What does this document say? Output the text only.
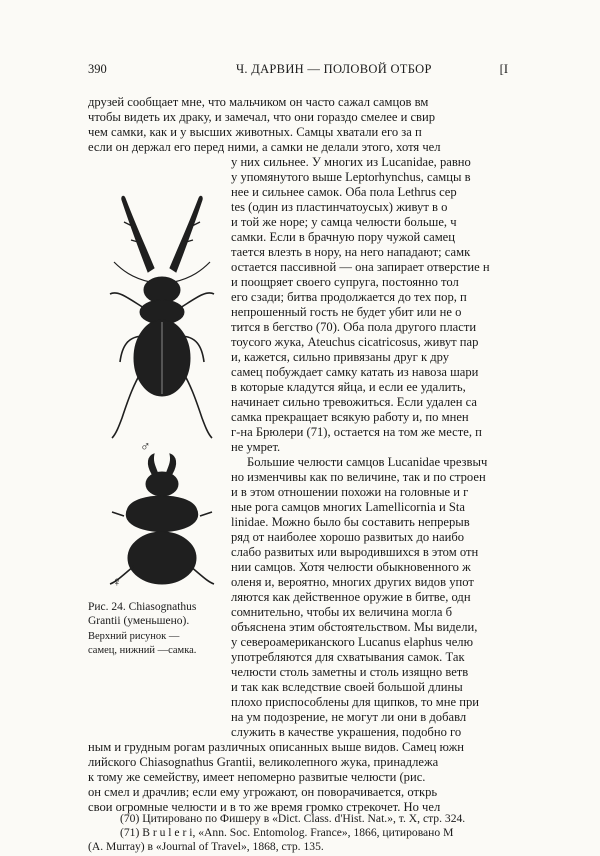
390	Ч. ДАРВИН — ПОЛОВОЙ ОТБОР	[I
друзей сообщает мне, что мальчиком он часто сажал самцов вм
чтобы видеть их драку, и замечал, что они гораздо смелее и свир
чем самки, как и у высших животных. Самцы хватали его за п
если он держал его перед ними, а самки не делали этого, хотя чел
у них сильнее. У многих из Lucanidae, равно
у упомянутого выше Leptorhynchus, самцы в
нее и сильнее самок. Оба пола Lethrus cep
tes (один из пластинчатоусых) живут в о
и той же норе; у самца челюсти больше, ч
самки. Если в брачную пору чужой самец
тается влезть в нору, на него нападают; самк
остается пассивной — она запирает отверстие н
и поощряет своего супруга, постоянно тол
его сзади; битва продолжается до тех пор, п
непрошенный гость не будет убит или не о
тится в бегство (70). Оба пола другого пласти
тоусого жука, Ateuchus cicatricosus, живут пар
и, кажется, сильно привязаны друг к дру
самец побуждает самку катать из навоза шари
в которые кладутся яйца, и если ее удалить,
начинает сильно тревожиться. Если удален са
самка прекращает всякую работу и, по мнен
г-на Брюлери (71), остается на том же месте, п
не умрет.
Большие челюсти самцов Lucanidae чрезвыч
но изменчивы как по величине, так и по строен
и в этом отношении похожи на головные и г
ные рога самцов многих Lamellicornia и Sta
linidae. Можно было бы составить непрерыв
ряд от наиболее хорошо развитых до наибо
слабо развитых или выродившихся в этом отн
нии самцов. Хотя челюсти обыкновенного ж
оленя и, вероятно, многих других видов упот
ляются как действенное оружие в битве, одн
сомнительно, чтобы их величина могла б
объяснена этим обстоятельством. Мы видели,
у североамериканского Lucanus elaphus челю
употребляются для схватывания самок. Так
челюсти столь заметны и столь изящно ветв
и так как вследствие своей большой длины
плохо приспособлены для щипков, то мне при
на ум подозрение, не могут ли они в добавл
служить в качестве украшения, подобно го
ным и грудным рогам различных описанных выше видов. Самец южн
лийского Chiasognathus Grantii, великолепного жука, принадлежа
к тому же семейству, имеет непомерно развитые челюсти (рис.
он смел и драчлив; если ему угрожают, он поворачивается, открь
свои огромные челюсти и в то же время громко стрекочет. Но чел
♂
♀
Рис. 24. Chiasognathus
Grantii (уменьшено).
Верхний рисунок —
самец, нижний —самка.
(70) Цитировано по Фишеру в «Dict. Class. d'Hist. Nat.», т. X, стр. 324.
(71) B r u l e r i, «Ann. Soc. Entomolog. France», 1866, цитировано M
(A. Murray) в «Journal of Travel», 1868, стр. 135.
